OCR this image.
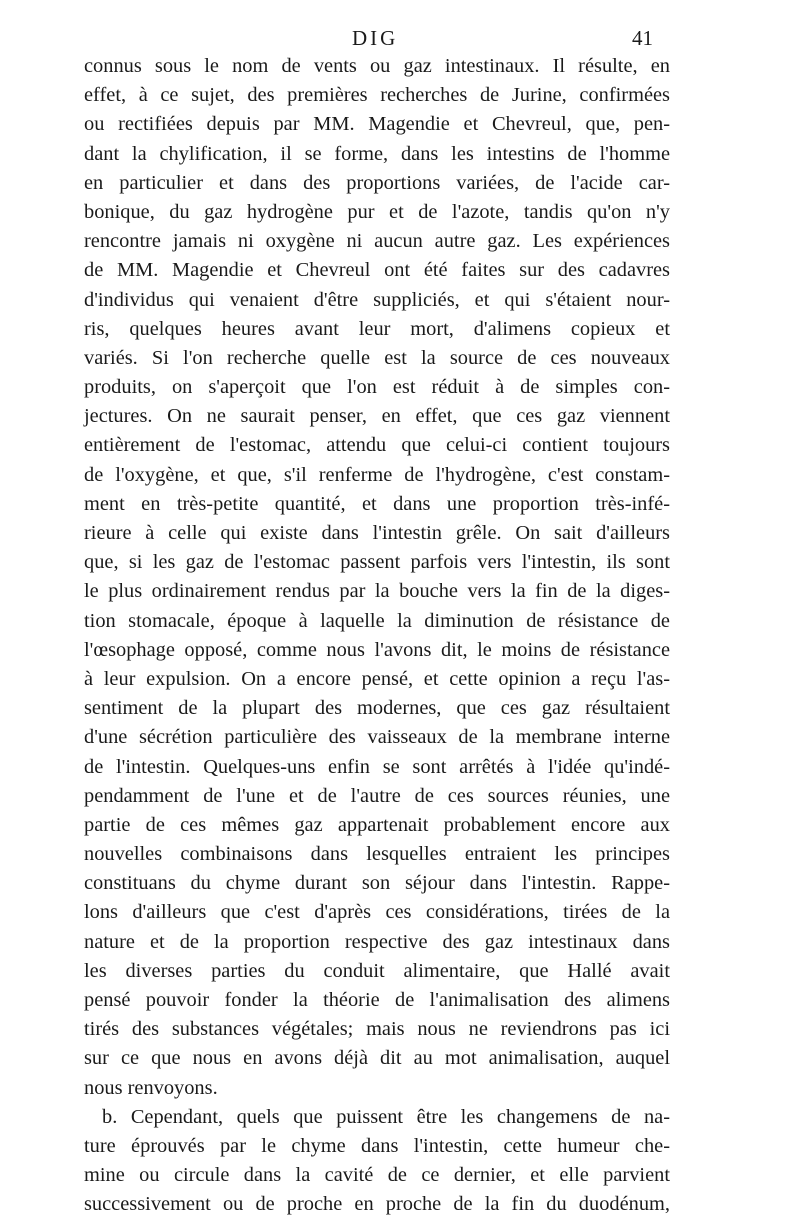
DIG	41
connus sous le nom de vents ou gaz intestinaux. Il résulte, en
effet, à ce sujet, des premières recherches de Jurine, confirmées
ou rectifiées depuis par MM. Magendie et Chevreul, que, pen-
dant la chylification, il se forme, dans les intestins de l'homme
en particulier et dans des proportions variées, de l'acide car-
bonique, du gaz hydrogène pur et de l'azote, tandis qu'on n'y
rencontre jamais ni oxygène ni aucun autre gaz. Les expériences
de MM. Magendie et Chevreul ont été faites sur des cadavres
d'individus qui venaient d'être suppliciés, et qui s'étaient nour-
ris, quelques heures avant leur mort, d'alimens copieux et
variés. Si l'on recherche quelle est la source de ces nouveaux
produits, on s'aperçoit que l'on est réduit à de simples con-
jectures. On ne saurait penser, en effet, que ces gaz viennent
entièrement de l'estomac, attendu que celui-ci contient toujours
de l'oxygène, et que, s'il renferme de l'hydrogène, c'est constam-
ment en très-petite quantité, et dans une proportion très-infé-
rieure à celle qui existe dans l'intestin grêle. On sait d'ailleurs
que, si les gaz de l'estomac passent parfois vers l'intestin, ils sont
le plus ordinairement rendus par la bouche vers la fin de la diges-
tion stomacale, époque à laquelle la diminution de résistance de
l'œsophage opposé, comme nous l'avons dit, le moins de résistance
à leur expulsion. On a encore pensé, et cette opinion a reçu l'as-
sentiment de la plupart des modernes, que ces gaz résultaient
d'une sécrétion particulière des vaisseaux de la membrane interne
de l'intestin. Quelques-uns enfin se sont arrêtés à l'idée qu'indé-
pendamment de l'une et de l'autre de ces sources réunies, une
partie de ces mêmes gaz appartenait probablement encore aux
nouvelles combinaisons dans lesquelles entraient les principes
constituans du chyme durant son séjour dans l'intestin. Rappe-
lons d'ailleurs que c'est d'après ces considérations, tirées de la
nature et de la proportion respective des gaz intestinaux dans
les diverses parties du conduit alimentaire, que Hallé avait
pensé pouvoir fonder la théorie de l'animalisation des alimens
tirés des substances végétales; mais nous ne reviendrons pas ici
sur ce que nous en avons déjà dit au mot animalisation, auquel
nous renvoyons.
b. Cependant, quels que puissent être les changemens de na-
ture éprouvés par le chyme dans l'intestin, cette humeur che-
mine ou circule dans la cavité de ce dernier, et elle parvient
successivement ou de proche en proche de la fin du duodénum,
